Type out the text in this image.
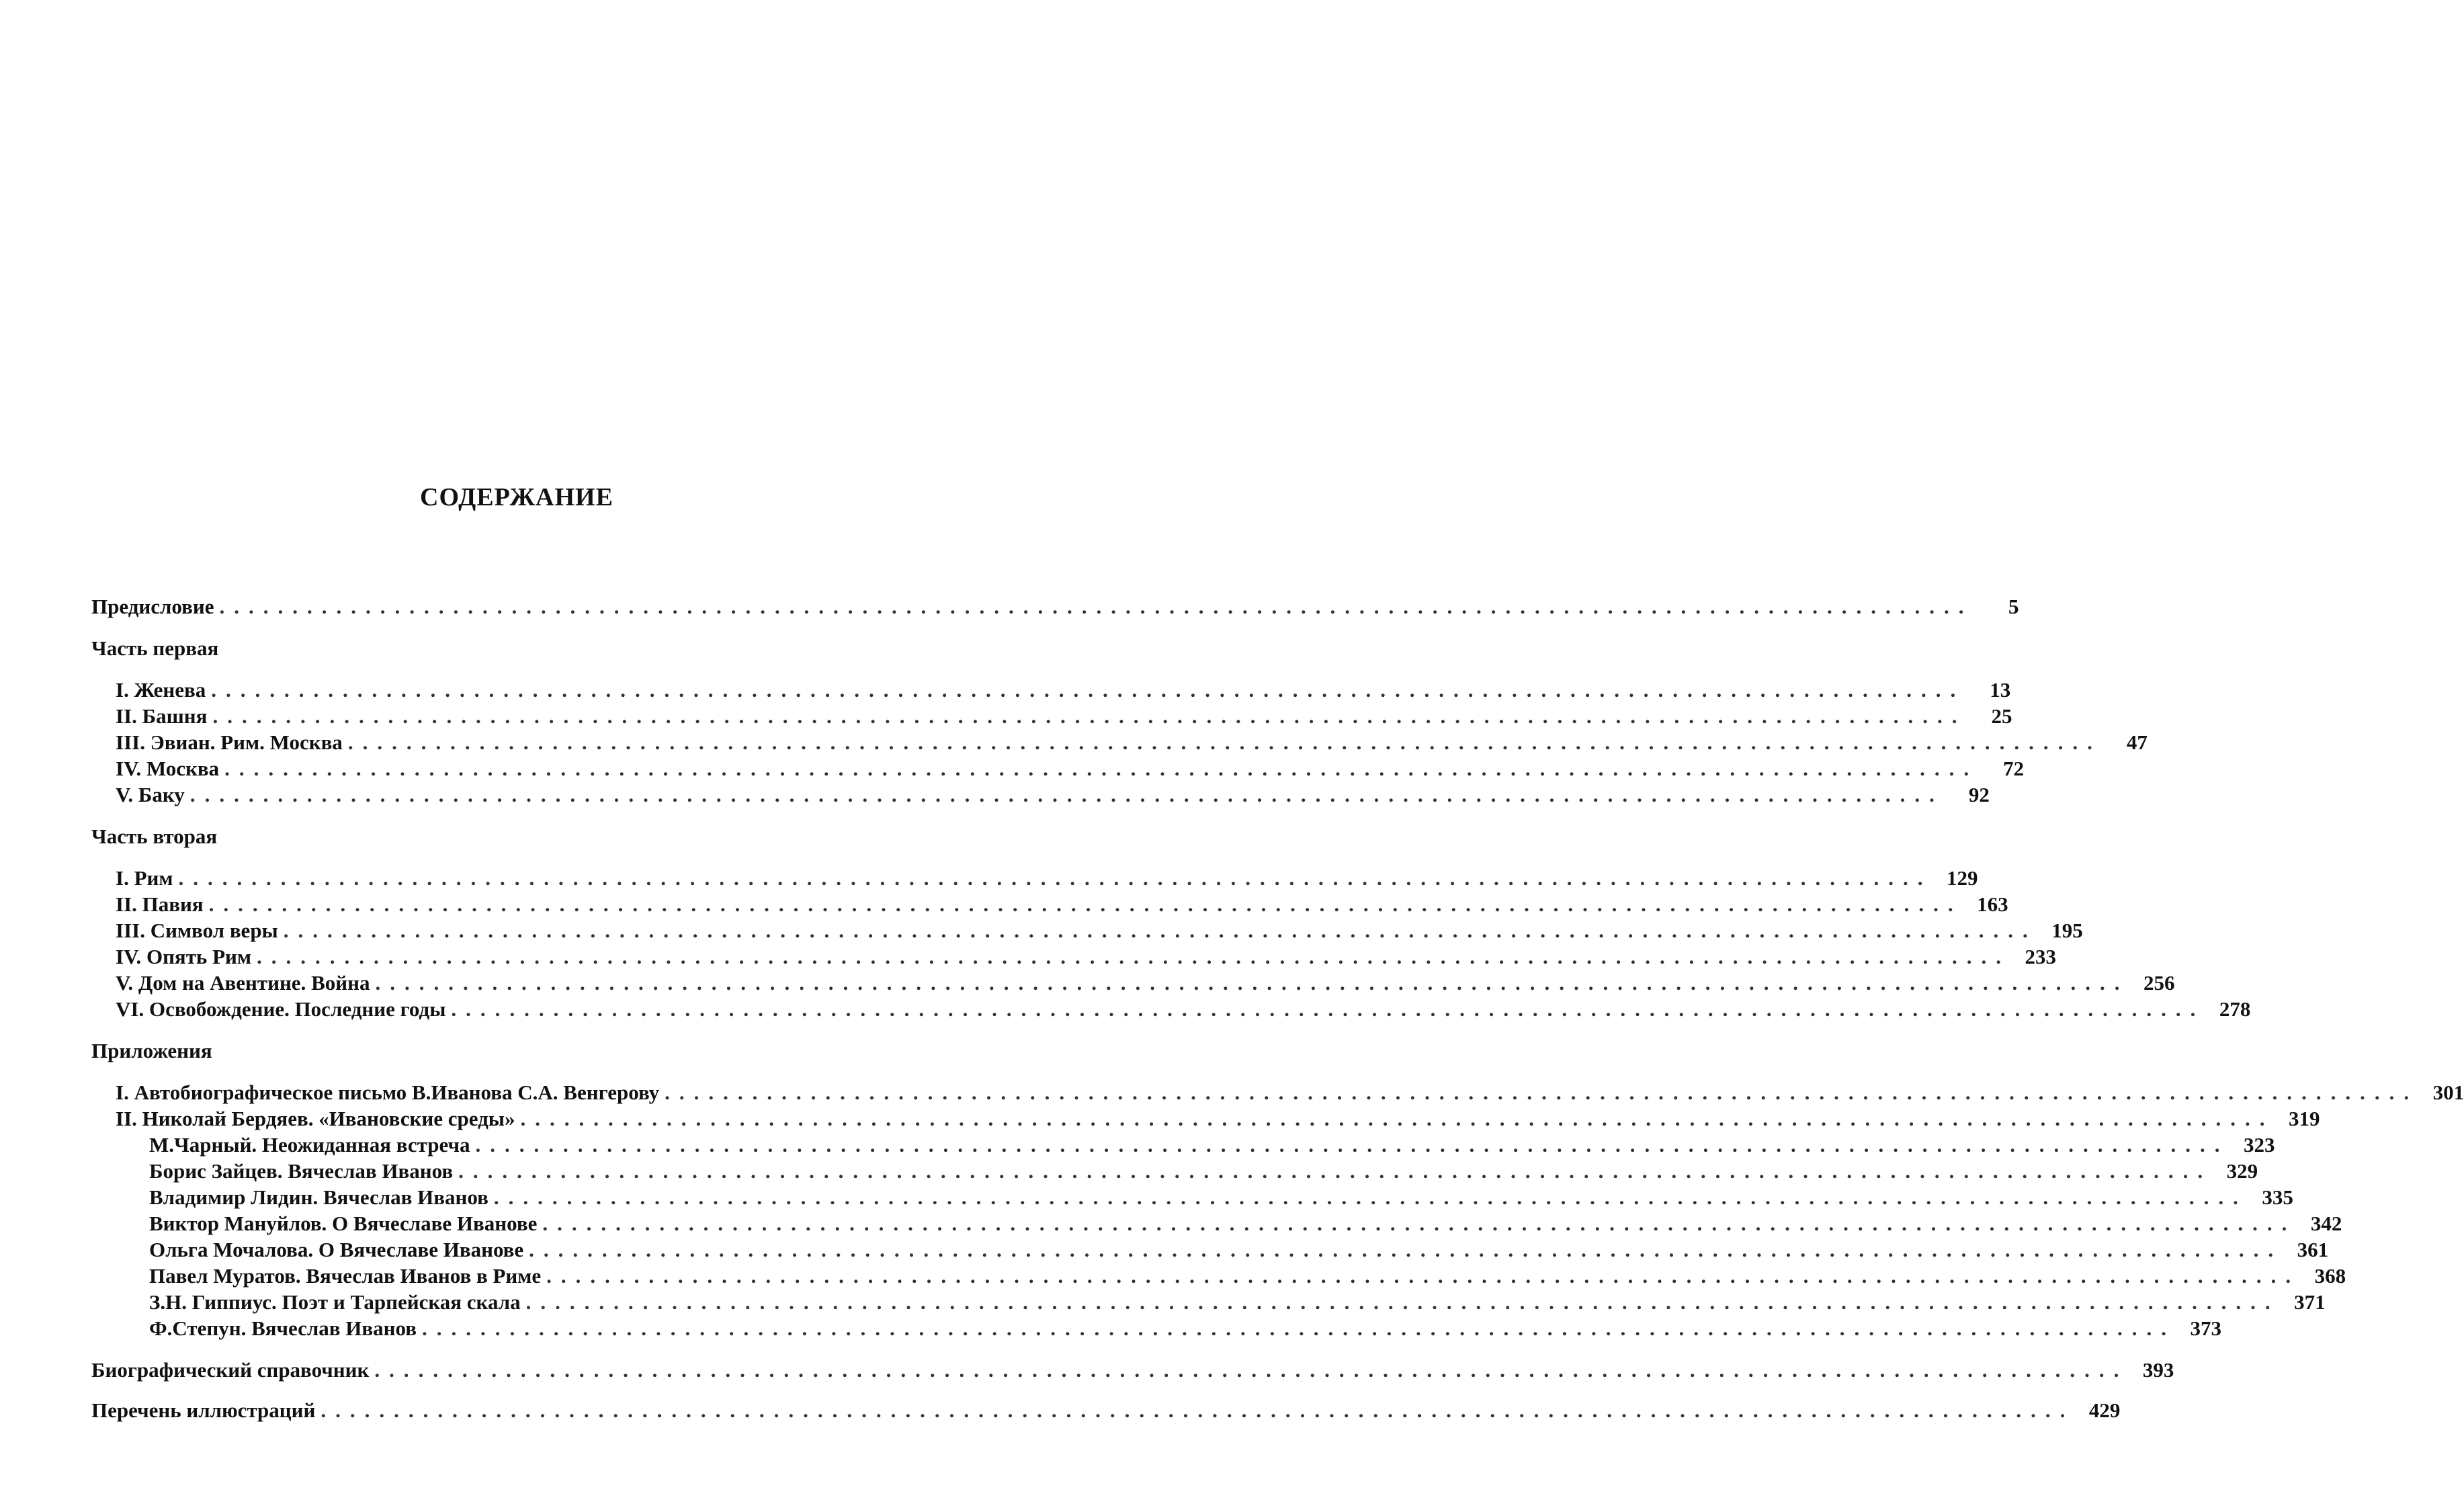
СОДЕРЖАНИЕ
Предисловие ........................................................................................................................	5
Часть первая
I. Женева ........................................................................................................................	13
II. Башня ........................................................................................................................	25
III. Эвиан. Рим. Москва ........................................................................................................................	47
IV. Москва ........................................................................................................................	72
V. Баку ........................................................................................................................	92
Часть вторая
I. Рим ........................................................................................................................ 129
II. Павия ........................................................................................................................ 163
III. Символ веры ........................................................................................................................ 195
IV. Опять Рим ........................................................................................................................ 233
V. Дом на Авентине. Война ........................................................................................................................ 256
VI. Освобождение. Последние годы ........................................................................................................................ 278
Приложения
I. Автобиографическое письмо В.Иванова С.А. Венгерову ........................................................................................................................ 301
II. Николай Бердяев. «Ивановские среды» ........................................................................................................................ 319
М.Чарный. Неожиданная встреча ........................................................................................................................ 323
Борис Зайцев. Вячеслав Иванов ........................................................................................................................ 329
Владимир Лидин. Вячеслав Иванов ........................................................................................................................ 335
Виктор Мануйлов. О Вячеславе Иванове ........................................................................................................................ 342
Ольга Мочалова. О Вячеславе Иванове ........................................................................................................................ 361
Павел Муратов. Вячеслав Иванов в Риме ........................................................................................................................ 368
З.Н. Гиппиус. Поэт и Тарпейская скала ........................................................................................................................ 371
Ф.Степун. Вячеслав Иванов ........................................................................................................................ 373
Биографический справочник ........................................................................................................................ 393
Перечень иллюстраций ........................................................................................................................ 429
